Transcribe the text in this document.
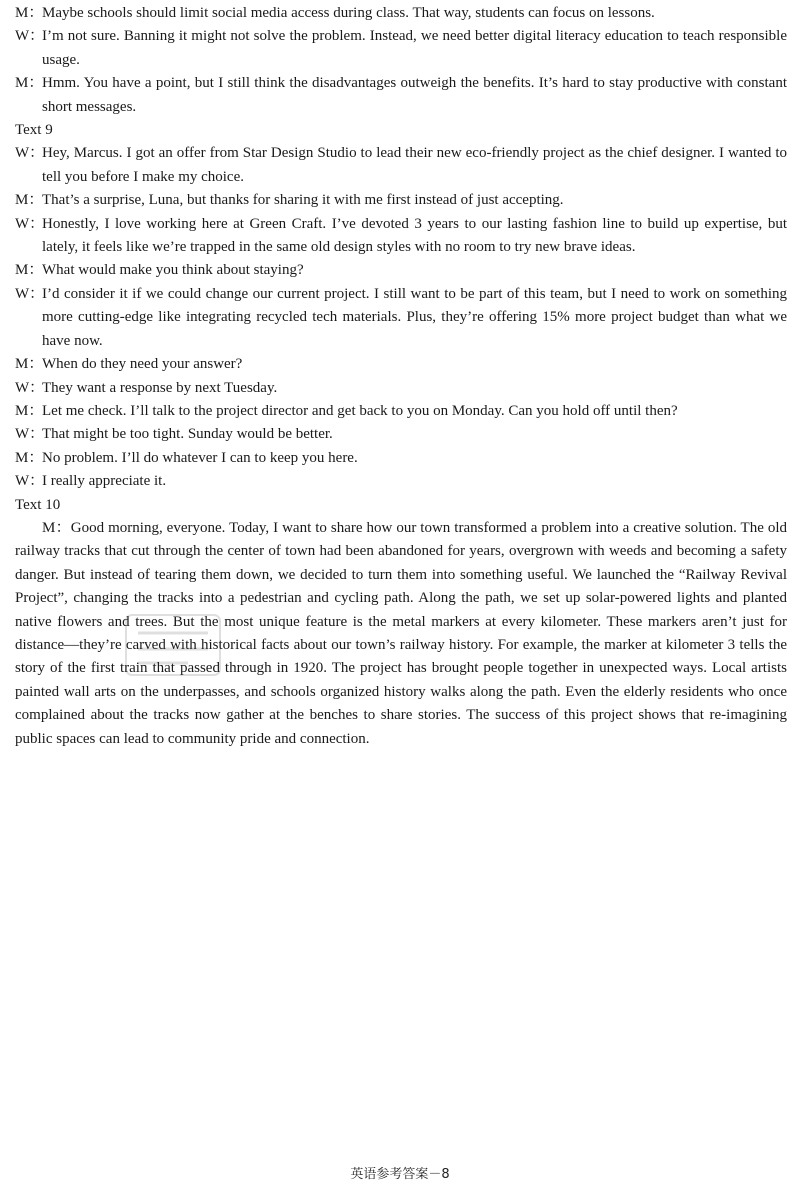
M：Maybe schools should limit social media access during class. That way, students can focus on lessons.

W：I’m not sure. Banning it might not solve the problem. Instead, we need better digital literacy education to teach responsible usage.

M：Hmm. You have a point, but I still think the disadvantages outweigh the benefits. It’s hard to stay productive with constant short messages.

Text 9

W：Hey, Marcus. I got an offer from Star Design Studio to lead their new eco-friendly project as the chief designer. I wanted to tell you before I make my choice.

M：That’s a surprise, Luna, but thanks for sharing it with me first instead of just accepting.

W：Honestly, I love working here at Green Craft. I’ve devoted 3 years to our lasting fashion line to build up expertise, but lately, it feels like we’re trapped in the same old design styles with no room to try new brave ideas.

M：What would make you think about staying?

W：I’d consider it if we could change our current project. I still want to be part of this team, but I need to work on something more cutting-edge like integrating recycled tech materials. Plus, they’re offering 15% more project budget than what we have now.

M：When do they need your answer?

W：They want a response by next Tuesday.

M：Let me check. I’ll talk to the project director and get back to you on Monday. Can you hold off until then?

W：That might be too tight. Sunday would be better.

M：No problem. I’ll do whatever I can to keep you here.

W：I really appreciate it.

Text 10

M：Good morning, everyone. Today, I want to share how our town transformed a problem into a creative solution. The old railway tracks that cut through the center of town had been abandoned for years, overgrown with weeds and becoming a safety danger. But instead of tearing them down, we decided to turn them into something useful. We launched the “Railway Revival Project”, changing the tracks into a pedestrian and cycling path. Along the path, we set up solar-powered lights and planted native flowers and trees. But the most unique feature is the metal markers at every kilometer. These markers aren’t just for distance—they’re carved with historical facts about our town’s railway history. For example, the marker at kilometer 3 tells the story of the first train that passed through in 1920. The project has brought people together in unexpected ways. Local artists painted wall arts on the underpasses, and schools organized history walks along the path. Even the elderly residents who once complained about the tracks now gather at the benches to share stories. The success of this project shows that re-imagining public spaces can lead to community pride and connection.

英语参考答案－8
